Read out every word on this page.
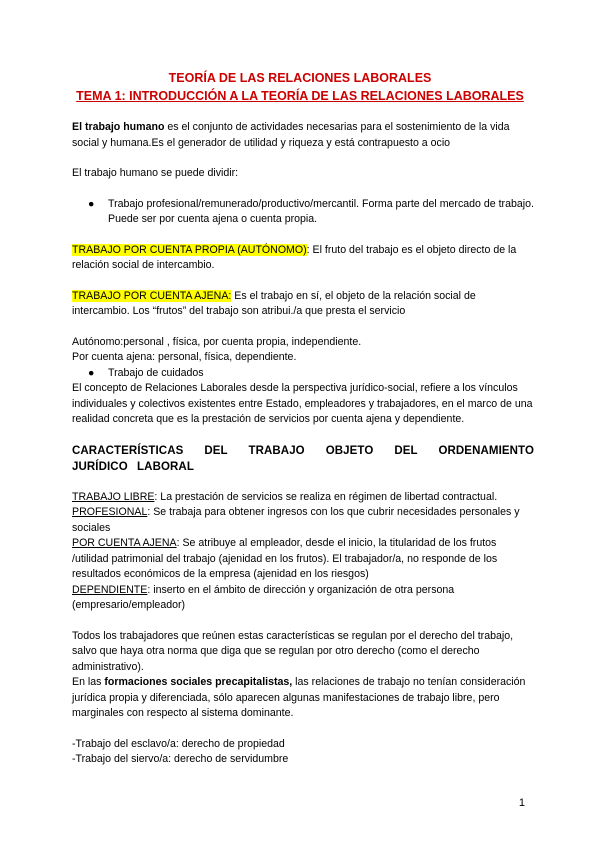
TEORÍA DE LAS RELACIONES LABORALES
TEMA 1: INTRODUCCIÓN A LA TEORÍA DE LAS RELACIONES LABORALES

El trabajo humano es el conjunto de actividades necesarias para el sostenimiento de la vida social y humana.Es el generador de utilidad y riqueza y está contrapuesto a ocio

El trabajo humano se puede dividir:

● Trabajo profesional/remunerado/productivo/mercantil. Forma parte del mercado de trabajo. Puede ser por cuenta ajena o cuenta propia.

TRABAJO POR CUENTA PROPIA (AUTÓNOMO): El fruto del trabajo es el objeto directo de la relación social de intercambio.

TRABAJO POR CUENTA AJENA: Es el trabajo en sí, el objeto de la relación social de intercambio. Los “frutos” del trabajo son atribui./a que presta el servicio

Autónomo:personal , física, por cuenta propia, independiente.

Por cuenta ajena: personal, física, dependiente.

● Trabajo de cuidados

El concepto de Relaciones Laborales desde la perspectiva jurídico-social, refiere a los vínculos individuales y colectivos existentes entre Estado, empleadores y trabajadores, en el marco de una realidad concreta que es la prestación de servicios por cuenta ajena y dependiente.

CARACTERÍSTICAS DEL TRABAJO OBJETO DEL ORDENAMIENTO JURÍDICO LABORAL

TRABAJO LIBRE: La prestación de servicios se realiza en régimen de libertad contractual.

PROFESIONAL: Se trabaja para obtener ingresos con los que cubrir necesidades personales y sociales

POR CUENTA AJENA: Se atribuye al empleador, desde el inicio, la titularidad de los frutos /utilidad patrimonial del trabajo (ajenidad en los frutos). El trabajador/a, no responde de los resultados económicos de la empresa (ajenidad en los riesgos)

DEPENDIENTE: inserto en el ámbito de dirección y organización de otra persona (empresario/empleador)

Todos los trabajadores que reúnen estas características se regulan por el derecho del trabajo, salvo que haya otra norma que diga que se regulan por otro derecho (como el derecho administrativo).

En las formaciones sociales precapitalistas, las relaciones de trabajo no tenían consideración jurídica propia y diferenciada, sólo aparecen algunas manifestaciones de trabajo libre, pero marginales con respecto al sistema dominante.

-Trabajo del esclavo/a: derecho de propiedad

-Trabajo del siervo/a: derecho de servidumbre

1
